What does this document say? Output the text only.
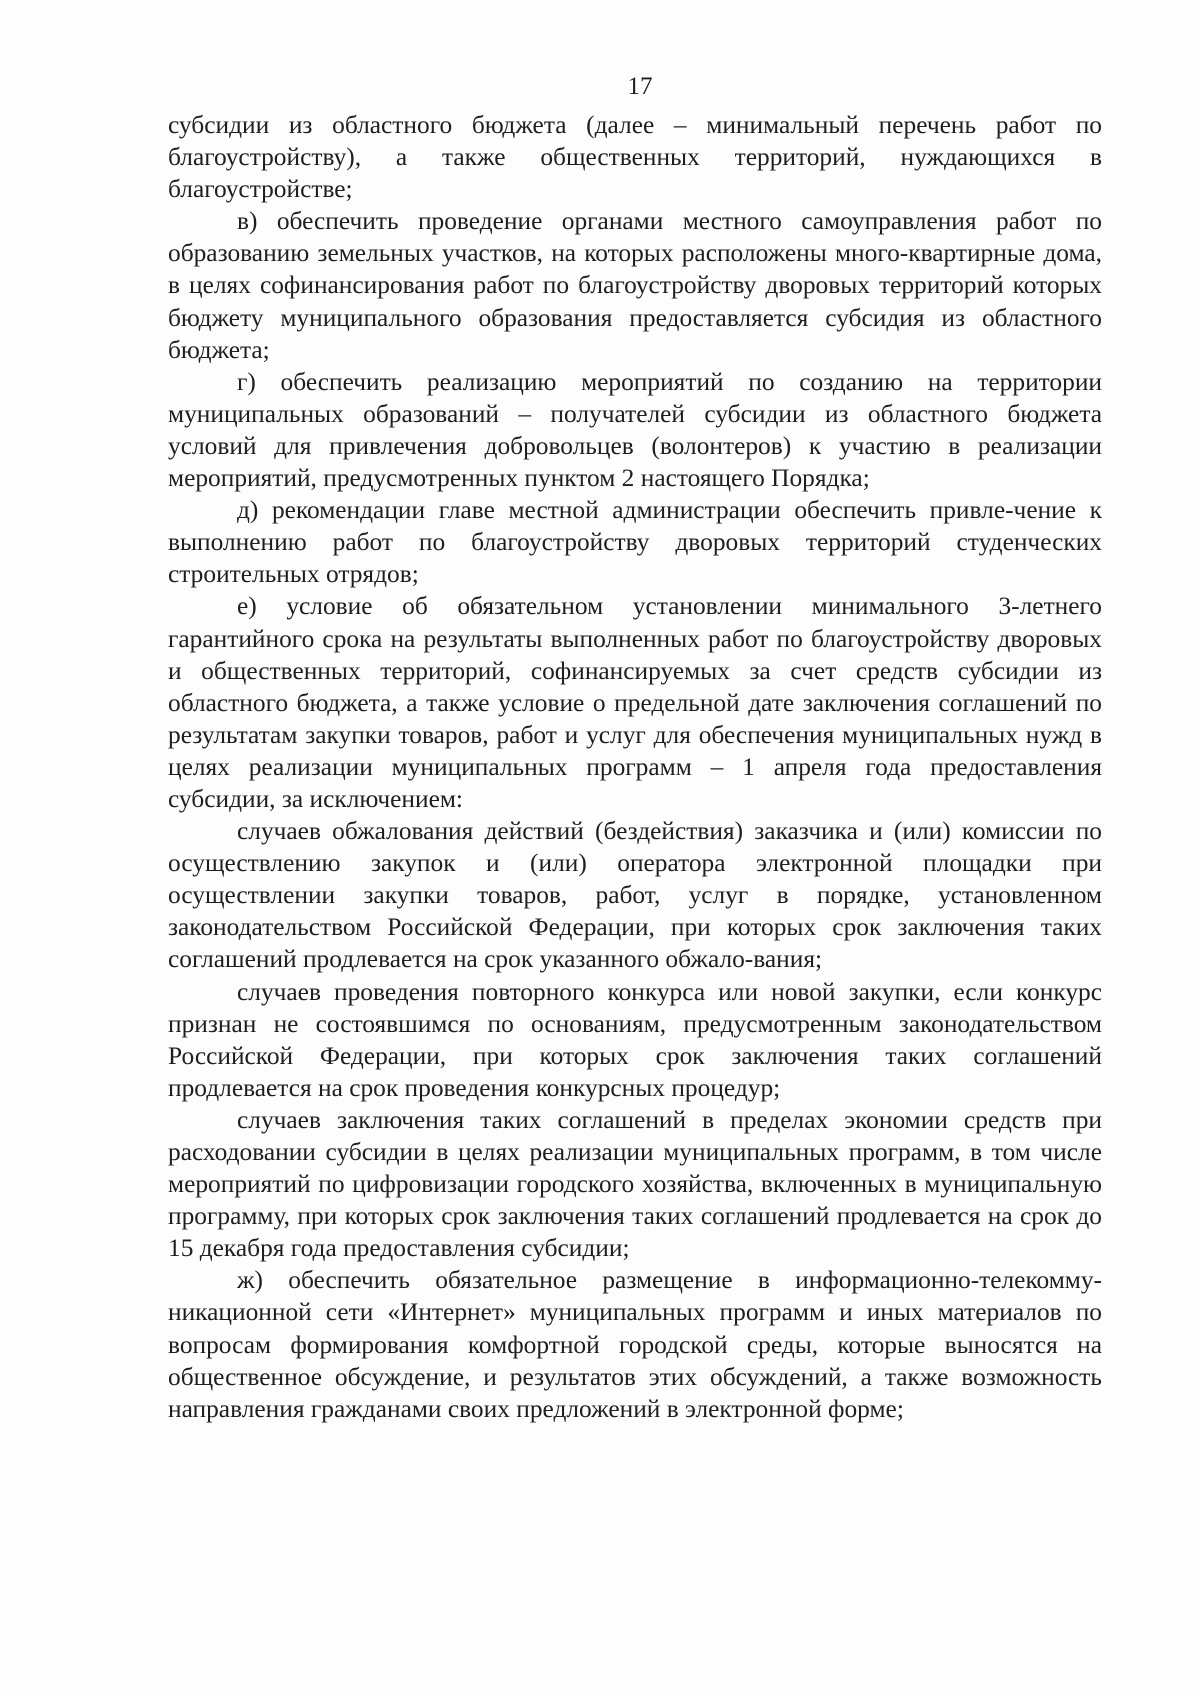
17

субсидии из областного бюджета (далее – минимальный перечень работ по благоустройству), а также общественных территорий, нуждающихся в благоустройстве;

в) обеспечить проведение органами местного самоуправления работ по образованию земельных участков, на которых расположены много-квартирные дома, в целях софинансирования работ по благоустройству дворовых территорий которых бюджету муниципального образования предоставляется субсидия из областного бюджета;

г) обеспечить реализацию мероприятий по созданию на территории муниципальных образований – получателей субсидии из областного бюджета условий для привлечения добровольцев (волонтеров) к участию в реализации мероприятий, предусмотренных пунктом 2 настоящего Порядка;

д) рекомендации главе местной администрации обеспечить привле-чение к выполнению работ по благоустройству дворовых территорий студенческих строительных отрядов;

е) условие об обязательном установлении минимального 3-летнего гарантийного срока на результаты выполненных работ по благоустройству дворовых и общественных территорий, софинансируемых за счет средств субсидии из областного бюджета, а также условие о предельной дате заключения соглашений по результатам закупки товаров, работ и услуг для обеспечения муниципальных нужд в целях реализации муниципальных программ – 1 апреля года предоставления субсидии, за исключением:

случаев обжалования действий (бездействия) заказчика и (или) комиссии по осуществлению закупок и (или) оператора электронной площадки при осуществлении закупки товаров, работ, услуг в порядке, установленном законодательством Российской Федерации, при которых срок заключения таких соглашений продлевается на срок указанного обжало-вания;

случаев проведения повторного конкурса или новой закупки, если конкурс признан не состоявшимся по основаниям, предусмотренным законодательством Российской Федерации, при которых срок заключения таких соглашений продлевается на срок проведения конкурсных процедур;

случаев заключения таких соглашений в пределах экономии средств при расходовании субсидии в целях реализации муниципальных программ, в том числе мероприятий по цифровизации городского хозяйства, включенных в муниципальную программу, при которых срок заключения таких соглашений продлевается на срок до 15 декабря года предоставления субсидии;

ж) обеспечить обязательное размещение в информационно-телекомму-никационной сети «Интернет» муниципальных программ и иных материалов по вопросам формирования комфортной городской среды, которые выносятся на общественное обсуждение, и результатов этих обсуждений, а также возможность направления гражданами своих предложений в электронной форме;
